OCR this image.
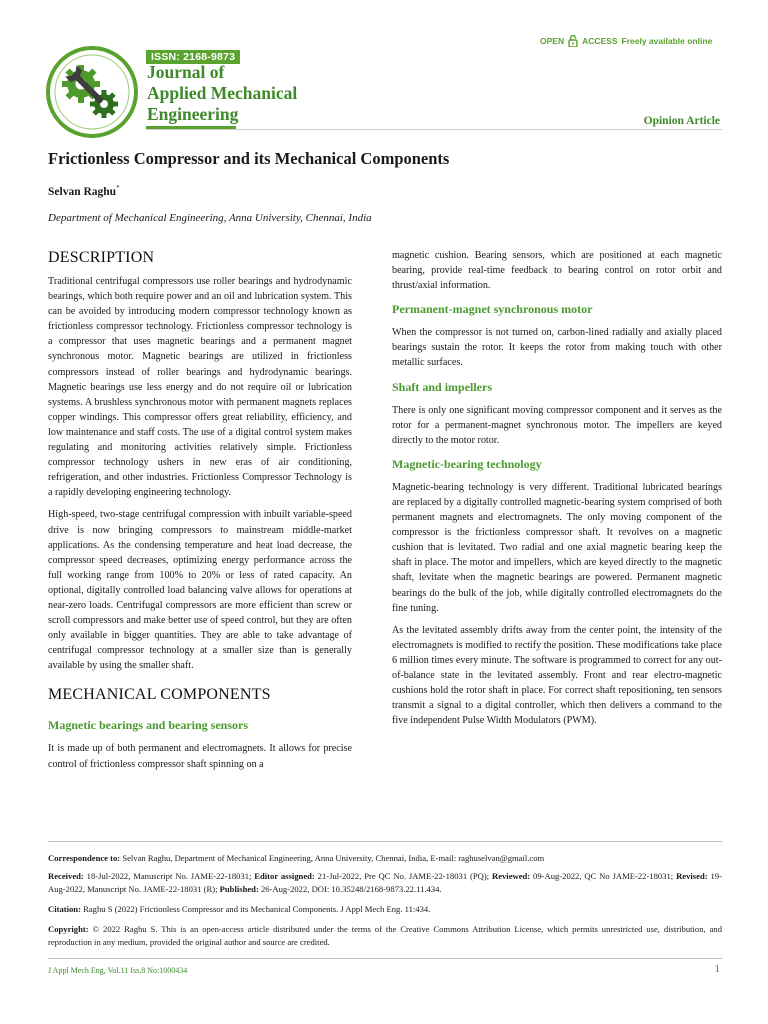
ISSN: 2168-9873
Journal of
Applied Mechanical
Engineering
OPEN ACCESS Freely available online
Opinion Article
Frictionless Compressor and its Mechanical Components
Selvan Raghu*
Department of Mechanical Engineering, Anna University, Chennai, India
DESCRIPTION

Traditional centrifugal compressors use roller bearings and hydrodynamic bearings, which both require power and an oil and lubrication system. This can be avoided by introducing modern compressor technology known as frictionless compressor technology. Frictionless compressor technology is a compressor that uses magnetic bearings and a permanent magnet synchronous motor. Magnetic bearings are utilized in frictionless compressors instead of roller bearings and hydrodynamic bearings. Magnetic bearings use less energy and do not require oil or lubrication systems. A brushless synchronous motor with permanent magnets replaces copper windings. This compressor offers great reliability, efficiency, and low maintenance and staff costs. The use of a digital control system makes regulating and monitoring activities relatively simple. Frictionless compressor technology ushers in new eras of air conditioning, refrigeration, and other industries. Frictionless Compressor Technology is a rapidly developing engineering technology.

High-speed, two-stage centrifugal compression with inbuilt variable-speed drive is now bringing compressors to mainstream middle-market applications. As the condensing temperature and heat load decrease, the compressor speed decreases, optimizing energy performance across the full working range from 100% to 20% or less of rated capacity. An optional, digitally controlled load balancing valve allows for operations at near-zero loads. Centrifugal compressors are more efficient than screw or scroll compressors and make better use of speed control, but they are often only available in bigger quantities. They are able to take advantage of centrifugal compressor technology at a smaller size than is generally available by using the smaller shaft.

MECHANICAL COMPONENTS
Magnetic bearings and bearing sensors

It is made up of both permanent and electromagnets. It allows for precise control of frictionless compressor shaft spinning on a

magnetic cushion. Bearing sensors, which are positioned at each magnetic bearing, provide real-time feedback to bearing control on rotor orbit and thrust/axial information.

Permanent-magnet synchronous motor

When the compressor is not turned on, carbon-lined radially and axially placed bearings sustain the rotor. It keeps the rotor from making touch with other metallic surfaces.

Shaft and impellers

There is only one significant moving compressor component and it serves as the rotor for a permanent-magnet synchronous motor. The impellers are keyed directly to the motor rotor.

Magnetic-bearing technology

Magnetic-bearing technology is very different. Traditional lubricated bearings are replaced by a digitally controlled magnetic-bearing system comprised of both permanent magnets and electromagnets. The only moving component of the compressor is the frictionless compressor shaft. It revolves on a magnetic cushion that is levitated. Two radial and one axial magnetic bearing keep the shaft in place. The motor and impellers, which are keyed directly to the magnetic shaft, levitate when the magnetic bearings are powered. Permanent magnetic bearings do the bulk of the job, while digitally controlled electromagnets do the fine tuning.

As the levitated assembly drifts away from the center point, the intensity of the electromagnets is modified to rectify the position. These modifications take place 6 million times every minute. The software is programmed to correct for any out-of-balance state in the levitated assembly. Front and rear electro-magnetic cushions hold the rotor shaft in place. For correct shaft repositioning, ten sensors transmit a signal to a digital controller, which then delivers a command to the five independent Pulse Width Modulators (PWM).

Correspondence to: Selvan Raghu, Department of Mechanical Engineering, Anna University, Chennai, India, E-mail: raghuselvan@gmail.com
Received: 18-Jul-2022, Manuscript No. JAME-22-18031; Editor assigned: 21-Jul-2022, Pre QC No. JAME-22-18031 (PQ); Reviewed: 09-Aug-2022, QC No JAME-22-18031; Revised: 19-Aug-2022, Manuscript No. JAME-22-18031 (R); Published: 26-Aug-2022, DOI: 10.35248/2168-9873.22.11.434.
Citation: Raghu S (2022) Frictionless Compressor and its Mechanical Components. J Appl Mech Eng. 11:434.
Copyright: © 2022 Raghu S. This is an open-access article distributed under the terms of the Creative Commons Attribution License, which permits unrestricted use, distribution, and reproduction in any medium, provided the original author and source are credited.
J Appl Mech Eng, Vol.11 Iss.8 No:1000434	1
